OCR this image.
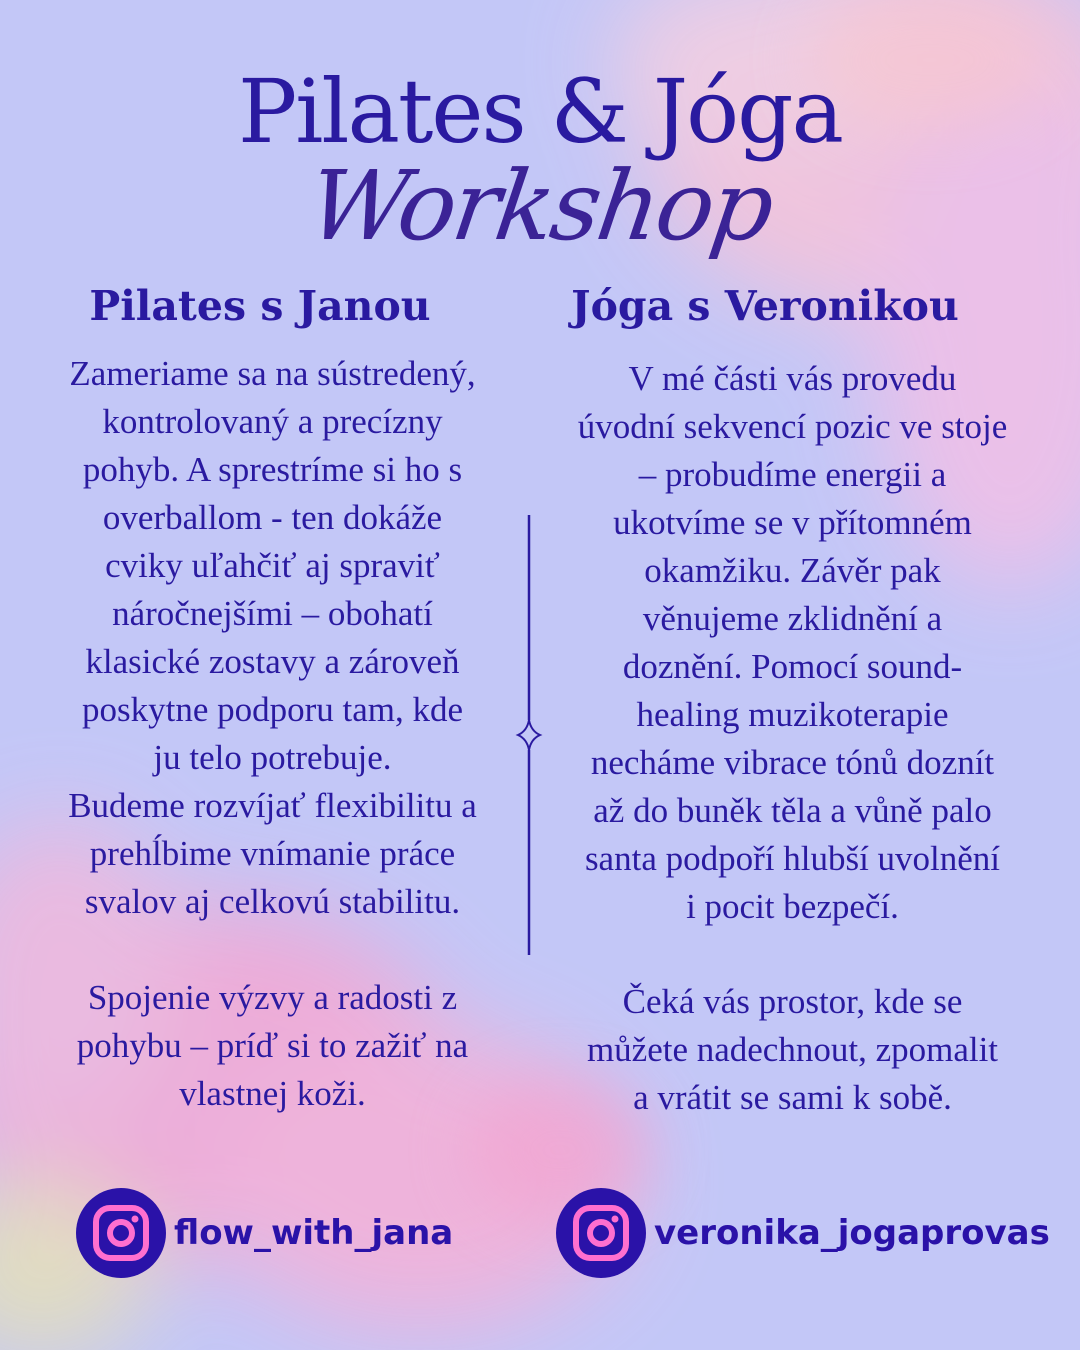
Pilates & Jóga
Workshop
Pilates s Janou	Jóga s Veronikou

Zameriame sa na sústredený,
kontrolovaný a precízny
pohyb. A sprestríme si ho s
overballom - ten dokáže
cviky uľahčiť aj spraviť
náročnejšími – obohatí
klasické zostavy a zároveň
poskytne podporu tam, kde
ju telo potrebuje.
Budeme rozvíjať flexibilitu a
prehĺbime vnímanie práce
svalov aj celkovú stabilitu.

Spojenie výzvy a radosti z
pohybu – príď si to zažiť na
vlastnej koži.

V mé části vás provedu
úvodní sekvencí pozic ve stoje
– probudíme energii a
ukotvíme se v přítomném
okamžiku. Závěr pak
věnujeme zklidnění a
doznění. Pomocí sound-
healing muzikoterapie
necháme vibrace tónů doznít
až do buněk těla a vůně palo
santa podpoří hlubší uvolnění
i pocit bezpečí.

Čeká vás prostor, kde se
můžete nadechnout, zpomalit
a vrátit se sami k sobě.

flow_with_jana	veronika_jogaprovas
